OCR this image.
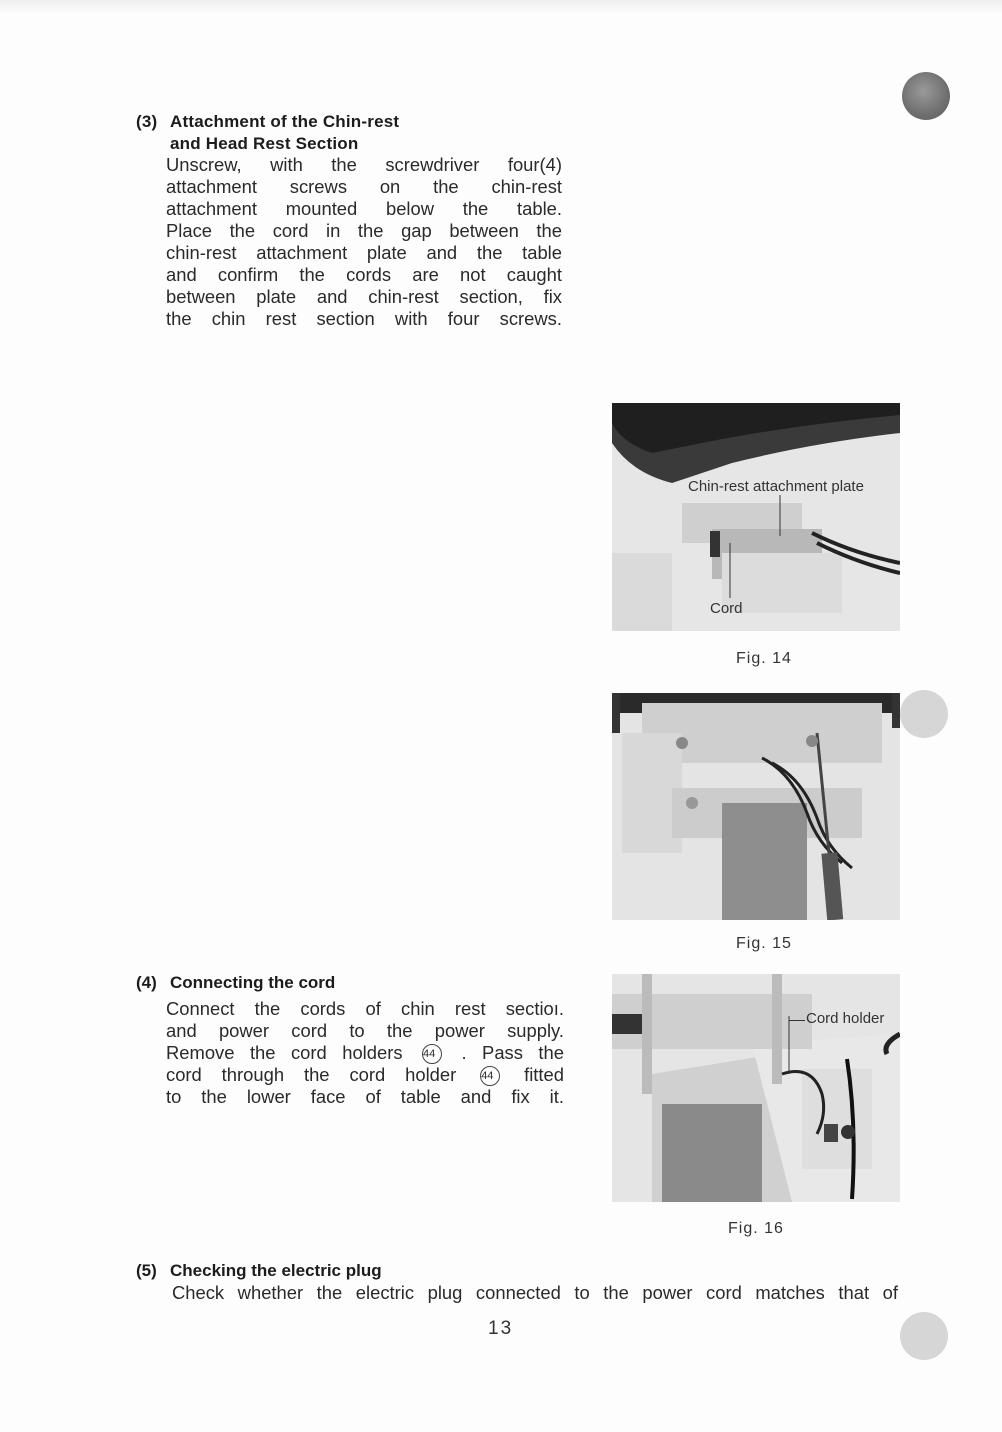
(3) Attachment of the Chin-rest
and Head Rest Section

Unscrew, with the screwdriver four(4)

attachment screws on the chin-rest

attachment mounted below the table.

Place the cord in the gap between the

chin-rest attachment plate and the table

and confirm the cords are not caught

between plate and chin-rest section, fix

the chin rest section with four screws.

Chin-rest attachment plate
Cord
Fig. 14
Fig. 15
(4) Connecting the cord

Connect the cords of chin rest sectioı.

and power cord to the power supply.

Remove the cord holders 44 . Pass the

cord through the cord holder 44 fitted

to the lower face of table and fix it.

Cord holder
Fig. 16
(5) Checking the electric plug
Check whether the electric plug connected to the power cord matches that of
13
